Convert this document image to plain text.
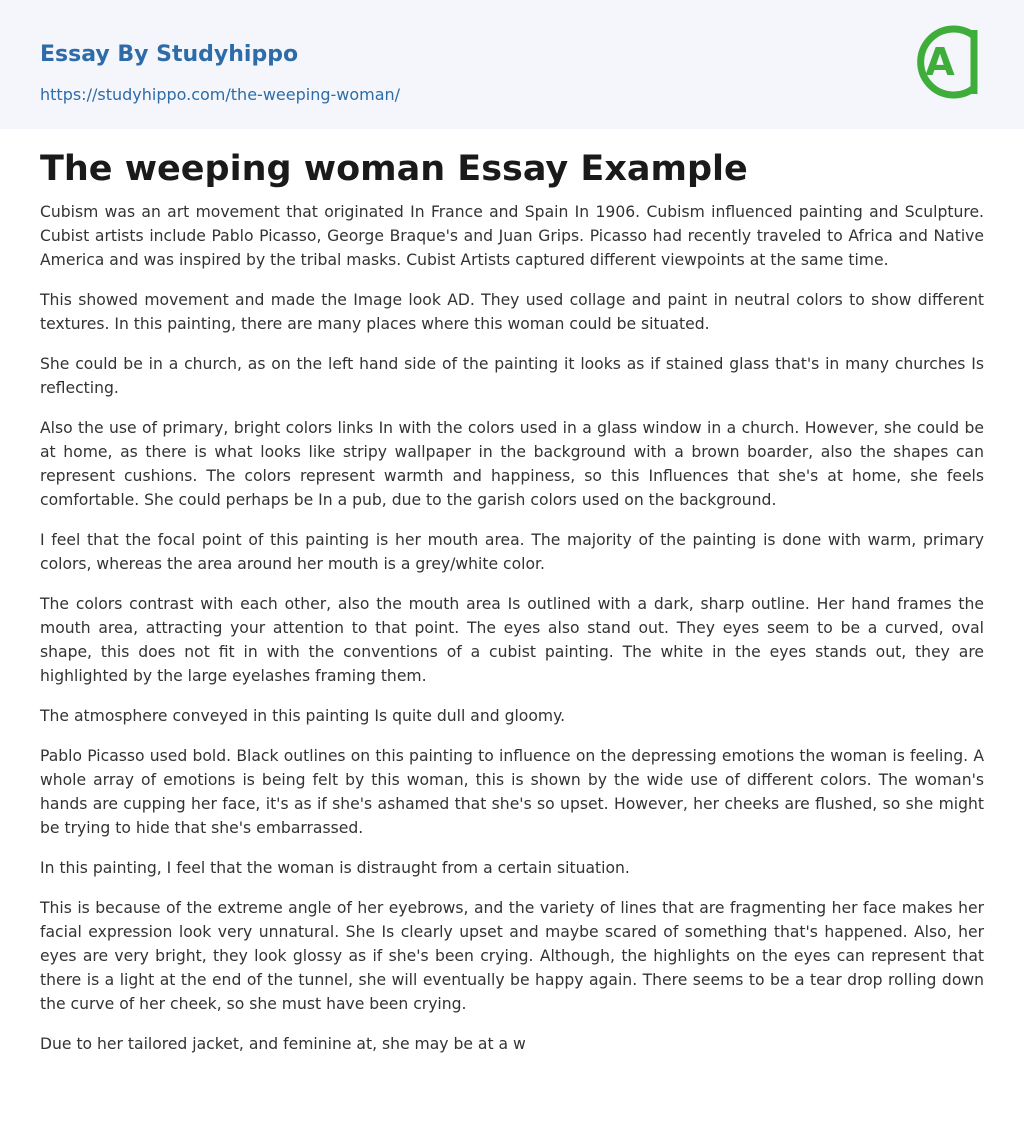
Essay By Studyhippo
https://studyhippo.com/the-weeping-woman/
A
The weeping woman Essay Example

Cubism was an art movement that originated In France and Spain In 1906. Cubism influenced painting and Sculpture. Cubist artists include Pablo Picasso, George Braque's and Juan Grips. Picasso had recently traveled to Africa and Native America and was inspired by the tribal masks. Cubist Artists captured different viewpoints at the same time.

This showed movement and made the Image look AD. They used collage and paint in neutral colors to show different textures. In this painting, there are many places where this woman could be situated.

She could be in a church, as on the left hand side of the painting it looks as if stained glass that's in many churches Is reflecting.

Also the use of primary, bright colors links In with the colors used in a glass window in a church. However, she could be at home, as there is what looks like stripy wallpaper in the background with a brown boarder, also the shapes can represent cushions. The colors represent warmth and happiness, so this Influences that she's at home, she feels comfortable. She could perhaps be In a pub, due to the garish colors used on the background.

I feel that the focal point of this painting is her mouth area. The majority of the painting is done with warm, primary colors, whereas the area around her mouth is a grey/white color.

The colors contrast with each other, also the mouth area Is outlined with a dark, sharp outline. Her hand frames the mouth area, attracting your attention to that point. The eyes also stand out. They eyes seem to be a curved, oval shape, this does not fit in with the conventions of a cubist painting. The white in the eyes stands out, they are highlighted by the large eyelashes framing them.

The atmosphere conveyed in this painting Is quite dull and gloomy.

Pablo Picasso used bold. Black outlines on this painting to influence on the depressing emotions the woman is feeling. A whole array of emotions is being felt by this woman, this is shown by the wide use of different colors. The woman's hands are cupping her face, it's as if she's ashamed that she's so upset. However, her cheeks are flushed, so she might be trying to hide that she's embarrassed.

In this painting, I feel that the woman is distraught from a certain situation.

This is because of the extreme angle of her eyebrows, and the variety of lines that are fragmenting her face makes her facial expression look very unnatural. She Is clearly upset and maybe scared of something that's happened. Also, her eyes are very bright, they look glossy as if she's been crying. Although, the highlights on the eyes can represent that there is a light at the end of the tunnel, she will eventually be happy again. There seems to be a tear drop rolling down the curve of her cheek, so she must have been crying.

Due to her tailored jacket, and feminine at, she may be at a w
